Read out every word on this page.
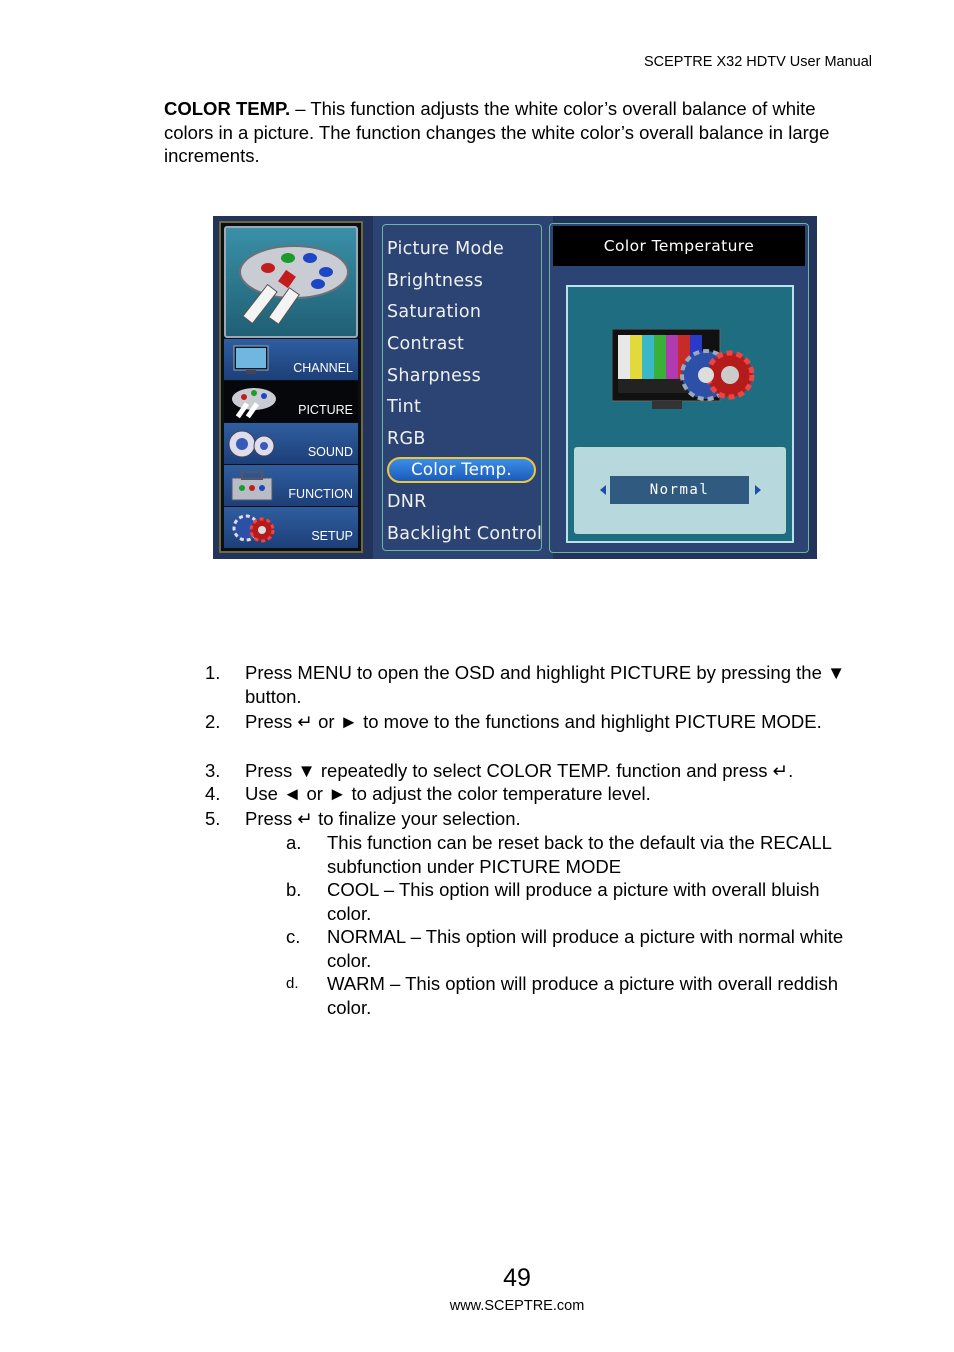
SCEPTRE X32 HDTV User Manual
COLOR TEMP. – This function adjusts the white color’s overall balance of white colors in a picture. The function changes the white color’s overall balance in large increments.
CHANNEL
PICTURE
SOUND
FUNCTION
SETUP
Picture Mode
Brightness
Saturation
Contrast
Sharpness
Tint
RGB
Color Temp.
DNR
Backlight Control
Color Temperature
Normal
1. Press MENU to open the OSD and highlight PICTURE by pressing the ▼ button.
2. Press ↵ or ► to move to the functions and highlight PICTURE MODE.
3. Press ▼ repeatedly to select COLOR TEMP. function and press ↵.
4. Use ◄ or ► to adjust the color temperature level.
5. Press ↵ to finalize your selection.
a. This function can be reset back to the default via the RECALL subfunction under PICTURE MODE
b. COOL – This option will produce a picture with overall bluish color.
c. NORMAL – This option will produce a picture with normal white color.
d. WARM – This option will produce a picture with overall reddish color.
49
www.SCEPTRE.com
